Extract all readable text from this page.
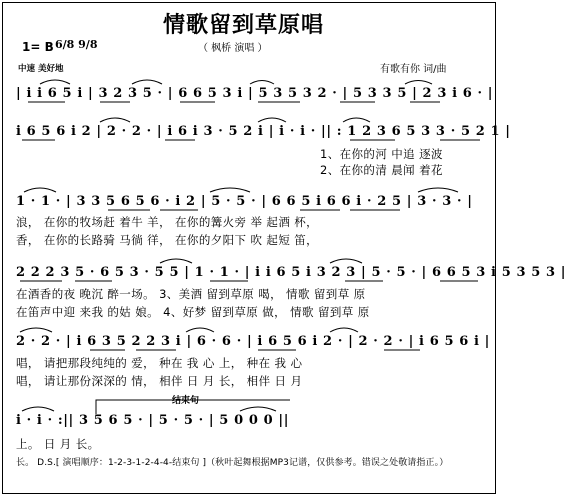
情歌留到草原唱
（ 枫桥 演唱 ）
1= B 6/8 9/8
中速 美好地	有歌有你 词/曲
| i i 6 5 i | 3 2 3 5 · | 6 6 5 3 i | 5 3 5 3 2 · | 5 3 3 5 | 2 3 i 6 · |
i 6 5 6 i 2 | 2 · 2 · | i 6 i 3 · 5 2 i | i · i · || : 1 2 3 6 5 3 3 · 5 2 1 |
1、在你的河 中追 逐波
2、在你的清 晨闻 着花
1 · 1 · | 3 3 5 6 5 6 · i 2 | 5 · 5 · | 6 6 5 i 6 6 i · 2 5 | 3 · 3 · |
浪， 在你的牧场赶 着牛 羊， 在你的篝火旁 举 起酒 杯，
香， 在你的长路骑 马徜 徉， 在你的夕阳下 吹 起短 笛，
2 2 2 3 5 · 6 5 3 · 5 5 | 1 · 1 · | i i 6 5 i 3 2 3 | 5 · 5 · | 6 6 5 3 i 5 3 5 3 |
在酒香的夜 晚沉 醉一场。 3、美酒 留到草原 喝， 情歌 留到草 原
在笛声中迎 来我 的姑 娘。 4、好梦 留到草原 做， 情歌 留到草 原
2 · 2 · | i 6 3 5 2 2 3 i | 6 · 6 · | i 6 5 6 i 2 · | 2 · 2 · | i 6 5 6 i |
唱， 请把那段纯纯的 爱， 种在 我 心 上， 种在 我 心
唱， 请让那份深深的 情， 相伴 日 月 长， 相伴 日 月
结束句
i · i · :|| 3 5 6 5 · | 5 · 5 · | 5 0 0 0 ||
上。 日 月 长。
长。 D.S.[ 演唱顺序：1-2-3-1-2-4-4-结束句 ]（秋叶起舞根据MP3记谱，仅供参考。错误之处敬请指正。）
